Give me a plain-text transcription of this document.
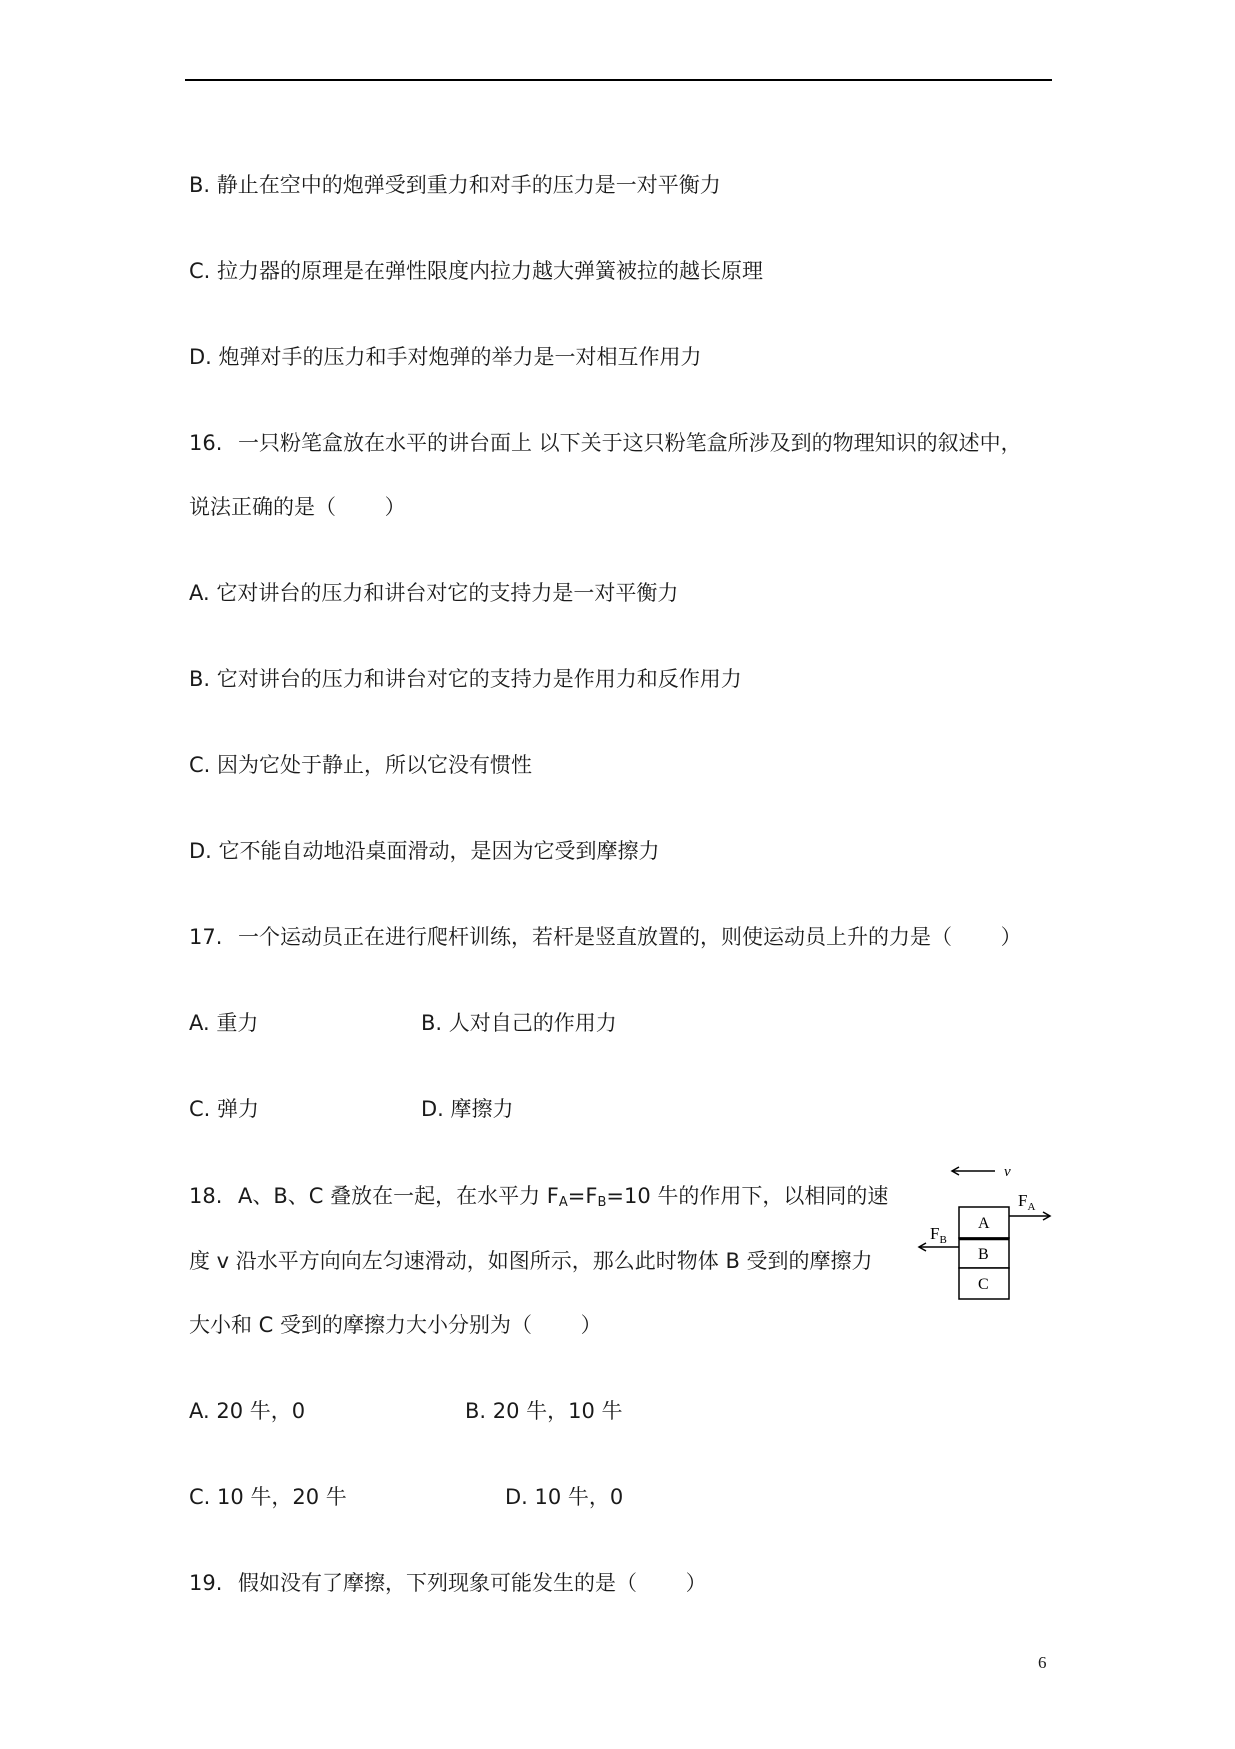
B. 静止在空中的炮弹受到重力和对手的压力是一对平衡力

C. 拉力器的原理是在弹性限度内拉力越大弹簧被拉的越长原理

D. 炮弹对手的压力和手对炮弹的举力是一对相互作用力

16. 一只粉笔盒放在水平的讲台面上 以下关于这只粉笔盒所涉及到的物理知识的叙述中，

说法正确的是（　　 ）

A. 它对讲台的压力和讲台对它的支持力是一对平衡力

B. 它对讲台的压力和讲台对它的支持力是作用力和反作用力

C. 因为它处于静止，所以它没有惯性

D. 它不能自动地沿桌面滑动，是因为它受到摩擦力

17. 一个运动员正在进行爬杆训练，若杆是竖直放置的，则使运动员上升的力是（　　 ）

A. 重力	B. 人对自己的作用力

C. 弹力	D. 摩擦力

18. A、B、C 叠放在一起，在水平力 $F_A=F_B=10$ 牛的作用下，以相同的速

度 v 沿水平方向向左匀速滑动，如图所示，那么此时物体 B 受到的摩擦力

大小和 C 受到的摩擦力大小分别为（　　 ）

A. 20 牛，0	B. 20 牛，10 牛

C. 10 牛，20 牛	D. 10 牛，0

v
A
B
C
$F_A$
$F_B$

19. 假如没有了摩擦，下列现象可能发生的是（　　 ）

6
